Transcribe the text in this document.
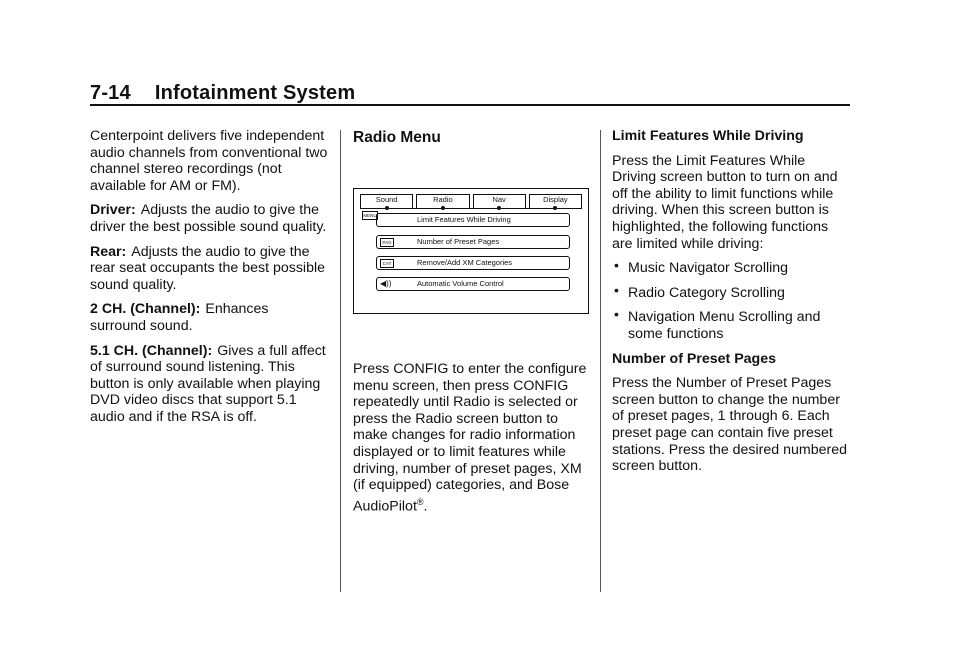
7-14 Infotainment System

Centerpoint delivers five independent audio channels from conventional two channel stereo recordings (not available for AM or FM).

Driver: Adjusts the audio to give the driver the best possible sound quality.

Rear: Adjusts the audio to give the rear seat occupants the best possible sound quality.

2 CH. (Channel): Enhances surround sound.

5.1 CH. (Channel): Gives a full affect of surround sound listening. This button is only available when playing DVD video discs that support 5.1 audio and if the RSA is off.

Radio Menu
Sound	Radio	Nav	Display
MENU	Limit Features While Driving
PAG	Number of Preset Pages
CAT	Remove/Add XM Categories
◀))	Automatic Volume Control

Press CONFIG to enter the configure menu screen, then press CONFIG repeatedly until Radio is selected or press the Radio screen button to make changes for radio information displayed or to limit features while driving, number of preset pages, XM (if equipped) categories, and Bose AudioPilot®.

Limit Features While Driving

Press the Limit Features While Driving screen button to turn on and off the ability to limit functions while driving. When this screen button is highlighted, the following functions are limited while driving:

• Music Navigator Scrolling
• Radio Category Scrolling
• Navigation Menu Scrolling and some functions
Number of Preset Pages

Press the Number of Preset Pages screen button to change the number of preset pages, 1 through 6. Each preset page can contain five preset stations. Press the desired numbered screen button.
